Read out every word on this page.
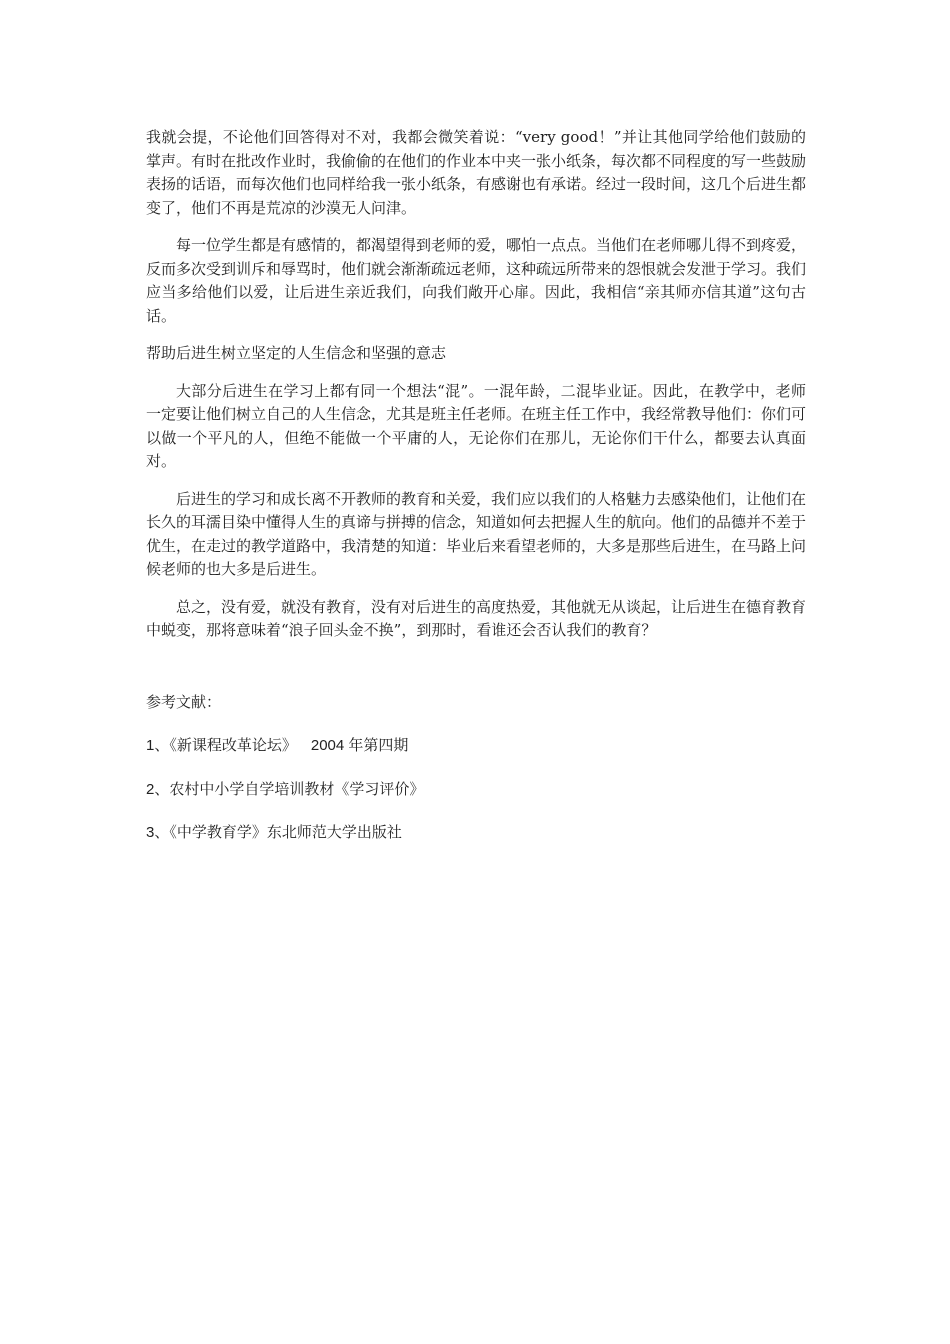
我就会提，不论他们回答得对不对，我都会微笑着说：“very good！”并让其他同学给他们鼓励的掌声。有时在批改作业时，我偷偷的在他们的作业本中夹一张小纸条，每次都不同程度的写一些鼓励表扬的话语，而每次他们也同样给我一张小纸条，有感谢也有承诺。经过一段时间，这几个后进生都变了，他们不再是荒凉的沙漠无人问津。

每一位学生都是有感情的，都渴望得到老师的爱，哪怕一点点。当他们在老师哪儿得不到疼爱，反而多次受到训斥和辱骂时，他们就会渐渐疏远老师，这种疏远所带来的怨恨就会发泄于学习。我们应当多给他们以爱，让后进生亲近我们，向我们敞开心扉。因此，我相信“亲其师亦信其道”这句古话。

帮助后进生树立坚定的人生信念和坚强的意志

大部分后进生在学习上都有同一个想法“混”。一混年龄，二混毕业证。因此，在教学中，老师一定要让他们树立自己的人生信念，尤其是班主任老师。在班主任工作中，我经常教导他们：你们可以做一个平凡的人，但绝不能做一个平庸的人，无论你们在那儿，无论你们干什么，都要去认真面对。

后进生的学习和成长离不开教师的教育和关爱，我们应以我们的人格魅力去感染他们，让他们在长久的耳濡目染中懂得人生的真谛与拼搏的信念，知道如何去把握人生的航向。他们的品德并不差于优生，在走过的教学道路中，我清楚的知道：毕业后来看望老师的，大多是那些后进生，在马路上问候老师的也大多是后进生。

总之，没有爱，就没有教育，没有对后进生的高度热爱，其他就无从谈起，让后进生在德育教育中蜕变，那将意味着“浪子回头金不换”，到那时，看谁还会否认我们的教育？

参考文献：

1、《新课程改革论坛》 2004 年第四期

2、农村中小学自学培训教材《学习评价》

3、《中学教育学》东北师范大学出版社
